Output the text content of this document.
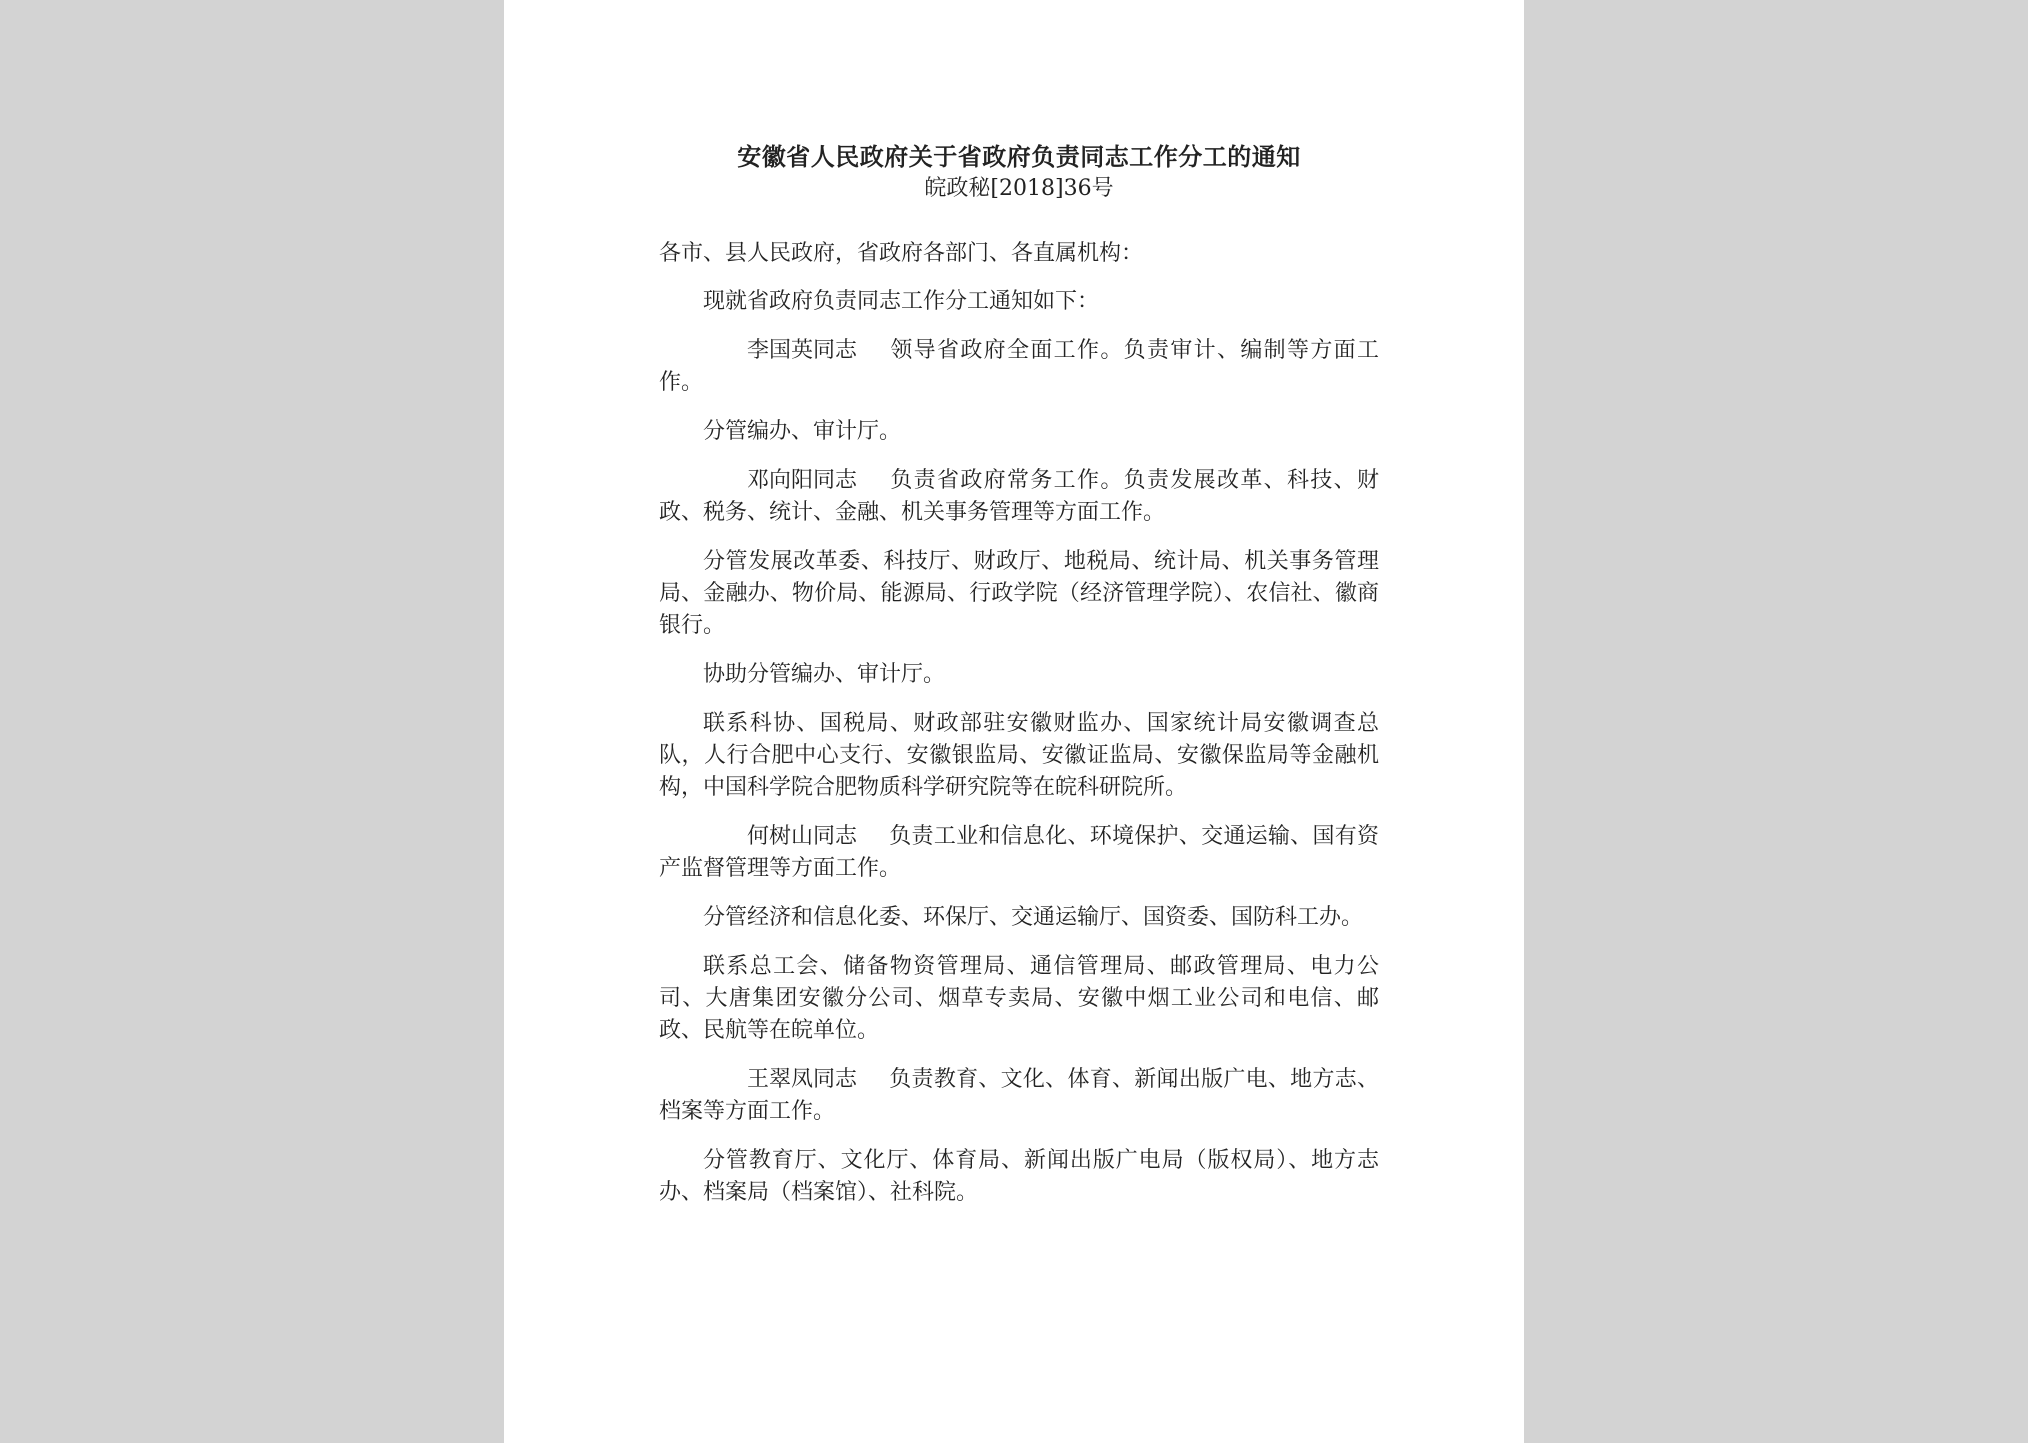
安徽省人民政府关于省政府负责同志工作分工的通知

皖政秘[2018]36号

各市、县人民政府，省政府各部门、各直属机构：

现就省政府负责同志工作分工通知如下：

李国英同志 领导省政府全面工作。负责审计、编制等方面工作。

分管编办、审计厅。

邓向阳同志 负责省政府常务工作。负责发展改革、科技、财政、税务、统计、金融、机关事务管理等方面工作。

分管发展改革委、科技厅、财政厅、地税局、统计局、机关事务管理局、金融办、物价局、能源局、行政学院（经济管理学院）、农信社、徽商银行。

协助分管编办、审计厅。

联系科协、国税局、财政部驻安徽财监办、国家统计局安徽调查总队，人行合肥中心支行、安徽银监局、安徽证监局、安徽保监局等金融机构，中国科学院合肥物质科学研究院等在皖科研院所。

何树山同志 负责工业和信息化、环境保护、交通运输、国有资产监督管理等方面工作。

分管经济和信息化委、环保厅、交通运输厅、国资委、国防科工办。

联系总工会、储备物资管理局、通信管理局、邮政管理局、电力公司、大唐集团安徽分公司、烟草专卖局、安徽中烟工业公司和电信、邮政、民航等在皖单位。

王翠凤同志 负责教育、文化、体育、新闻出版广电、地方志、档案等方面工作。

分管教育厅、文化厅、体育局、新闻出版广电局（版权局）、地方志办、档案局（档案馆）、社科院。
